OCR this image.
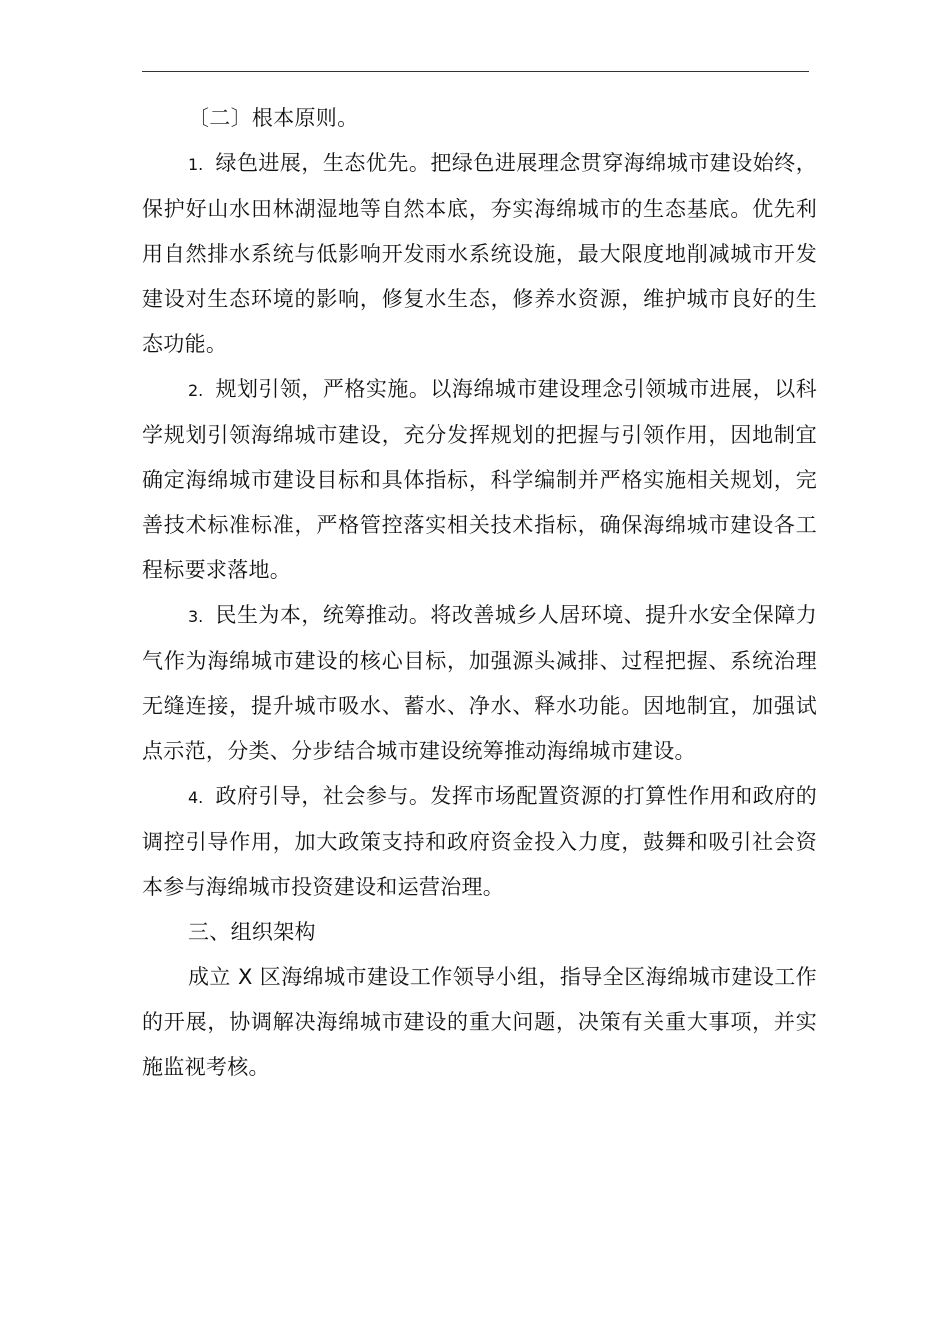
〔二〕根本原则。

1. 绿色进展，生态优先。把绿色进展理念贯穿海绵城市建设始终，保护好山水田林湖湿地等自然本底，夯实海绵城市的生态基底。优先利用自然排水系统与低影响开发雨水系统设施，最大限度地削减城市开发建设对生态环境的影响，修复水生态，修养水资源，维护城市良好的生态功能。

2. 规划引领，严格实施。以海绵城市建设理念引领城市进展，以科学规划引领海绵城市建设，充分发挥规划的把握与引领作用，因地制宜确定海绵城市建设目标和具体指标，科学编制并严格实施相关规划，完善技术标准标准，严格管控落实相关技术指标，确保海绵城市建设各工程标要求落地。

3. 民生为本，统筹推动。将改善城乡人居环境、提升水安全保障力气作为海绵城市建设的核心目标，加强源头减排、过程把握、系统治理无缝连接，提升城市吸水、蓄水、净水、释水功能。因地制宜，加强试点示范，分类、分步结合城市建设统筹推动海绵城市建设。

4. 政府引导，社会参与。发挥市场配置资源的打算性作用和政府的调控引导作用，加大政策支持和政府资金投入力度，鼓舞和吸引社会资本参与海绵城市投资建设和运营治理。

三、组织架构

成立 X 区海绵城市建设工作领导小组，指导全区海绵城市建设工作的开展，协调解决海绵城市建设的重大问题，决策有关重大事项，并实施监视考核。
